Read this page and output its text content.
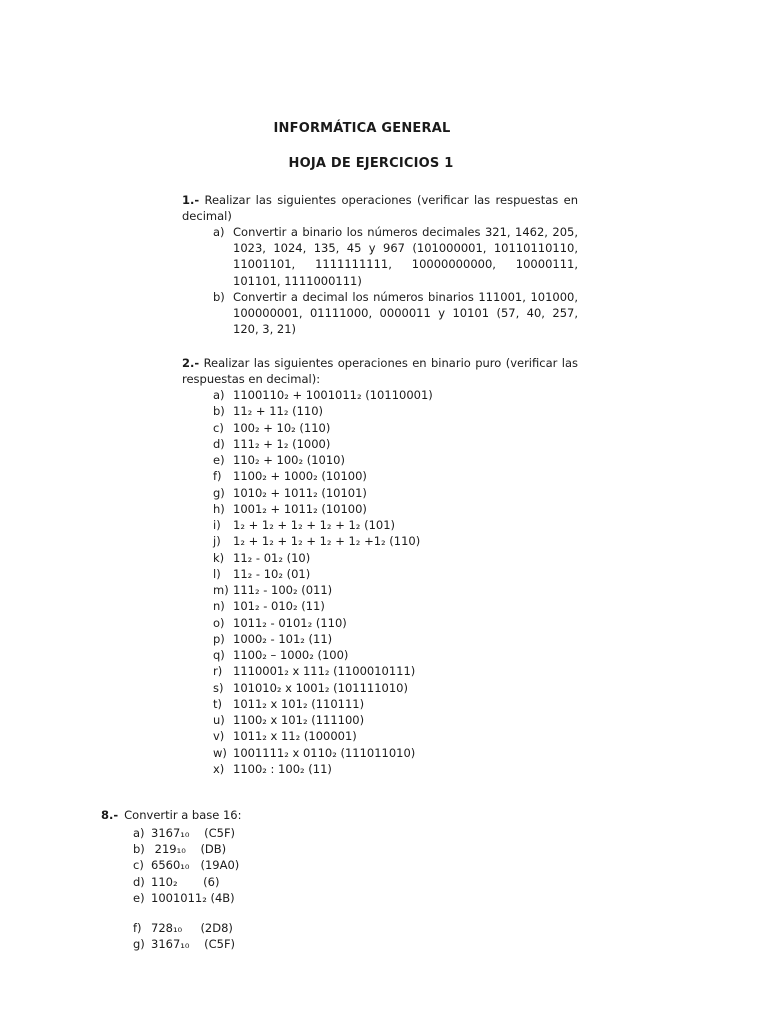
INFORMÁTICA GENERAL
HOJA DE EJERCICIOS 1
1.- Realizar las siguientes operaciones (verificar las respuestas en decimal)
a) Convertir a binario los números decimales 321, 1462, 205, 1023, 1024, 135, 45 y 967 (101000001, 10110110110, 11001101, 1111111111, 10000000000, 10000111, 101101, 1111000111)
b) Convertir a decimal los números binarios 111001, 101000, 100000001, 01111000, 0000011 y 10101 (57, 40, 257, 120, 3, 21)
2.- Realizar las siguientes operaciones en binario puro (verificar las respuestas en decimal):
a) 1100110₂ + 1001011₂ (10110001)
b) 11₂ + 11₂ (110)
c) 100₂ + 10₂ (110)
d) 111₂ + 1₂ (1000)
e) 110₂ + 100₂ (1010)
f) 1100₂ + 1000₂ (10100)
g) 1010₂ + 1011₂ (10101)
h) 1001₂ + 1011₂ (10100)
i) 1₂ + 1₂ + 1₂ + 1₂ + 1₂ (101)
j) 1₂ + 1₂ + 1₂ + 1₂ + 1₂ +1₂ (110)
k) 11₂ - 01₂ (10)
l) 11₂ - 10₂ (01)
m) 111₂ - 100₂ (011)
n) 101₂ - 010₂ (11)
o) 1011₂ - 0101₂ (110)
p) 1000₂ - 101₂ (11)
q) 1100₂ – 1000₂ (100)
r) 1110001₂ x 111₂ (1100010111)
s) 101010₂ x 1001₂ (101111010)
t) 1011₂ x 101₂ (110111)
u) 1100₂ x 101₂ (111100)
v) 1011₂ x 11₂ (100001)
w) 1001111₂ x 0110₂ (111011010)
x) 1100₂ : 100₂ (11)
8.- Convertir a base 16:
a) 3167₁₀    (C5F)
b) 219₁₀    (DB)
c) 6560₁₀   (19A0)
d) 110₂       (6)
e) 1001011₂ (4B)
f) 728₁₀     (2D8)
g) 3167₁₀    (C5F)
